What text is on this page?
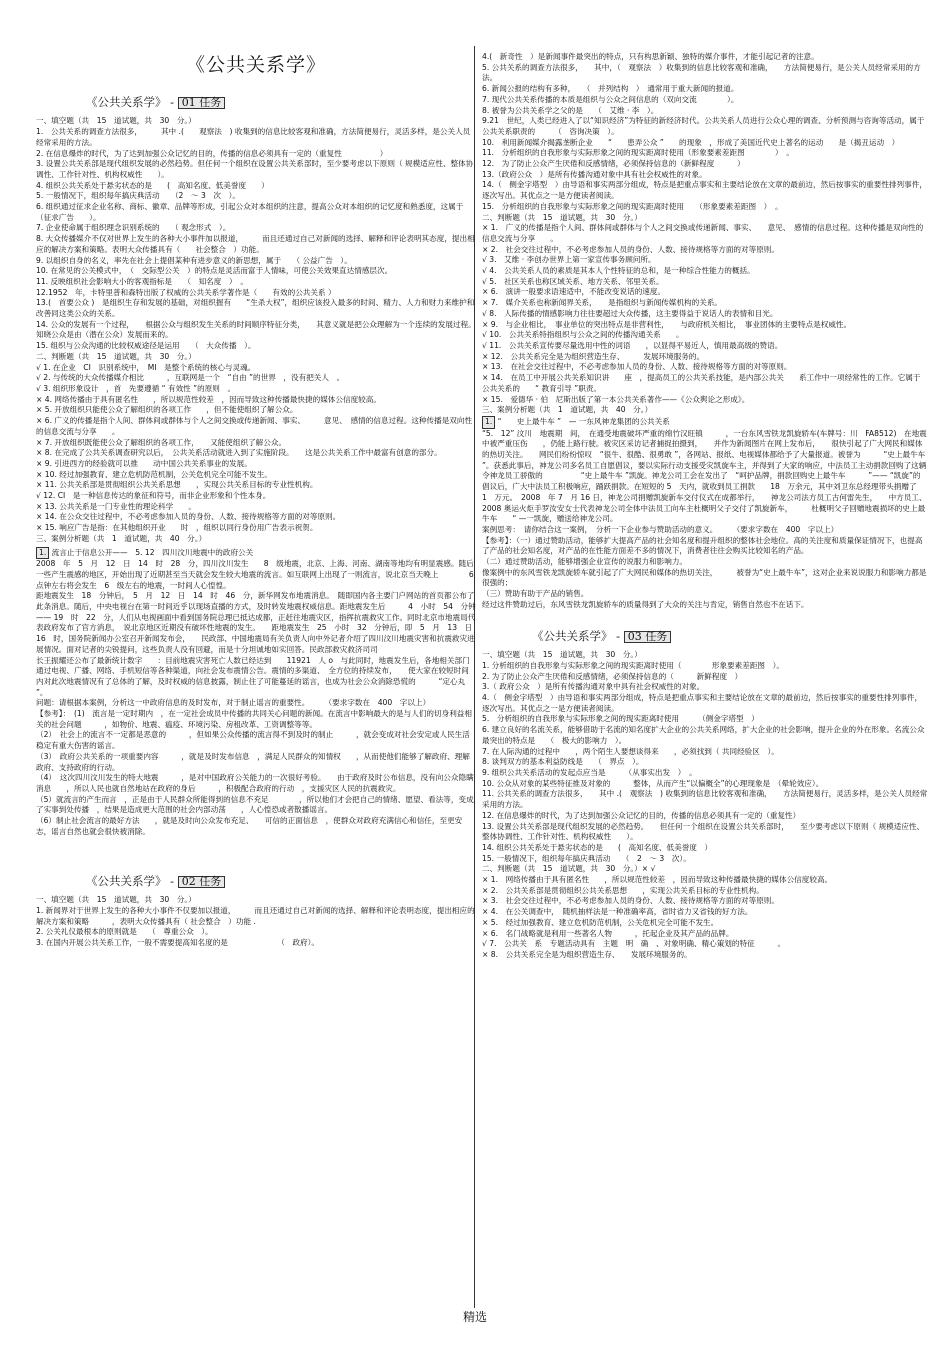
《公共关系学》
《公共关系学》 - 01 任务
一、填空题（共　15　道试题，共　30　分。）
1.　公共关系的调查方法很多，　　　其中 .(　　观察法　) 收集到的信息比较客观和准确，方法简便易行，灵活多样，是公关人员经常采用的方法。
2. 在信息爆炸的时代，为了达到加强公众记忆的目的，传播的信息必须具有一定的（重复性　　　　　）
3. 设置公共关系部是现代组织发展的必然趋势。但任何一个组织在设置公共关系部时，至少要考虑以下原则（ 规模适应性、整体协调性、工作针对性、机构权威性　　）。
4. 组织公共关系处于悬劣状态的是　　(　高知名度、低美誉度　　）
5. 一般情况下，组织每年搞庆典活动　　（2　～ 3　次　）。
6. 组织通过征求企业名称、商标、徽章、品牌等形成，引起公众对本组织的注意，提高公众对本组织的记忆度和熟悉度，这属于（征求广告　　）。
7. 企业使命属于组织理念识别系统的　　（ 观念形式　）。
8. 大众传播媒介不仅对世界上发生的各种大小事件加以报道，　　　而且还通过自己对新闻的选择、解释和评论表明其态度，提出相应的解决方案和策略。表明大众传播具有（　　社会整合　）功能。
9. 以组织自身的名义，率先在社会上提倡某种有进步意义的新思想，属于　　（ 公益广告　）。
10. 在常见的公关模式中，　（　交际型公关　）的特点是灵活而富于人情味，可使公关效果直达情感层次。
11. 反映组织社会影响大小的客观指标是　　（　知名度　）　。
12.1952　年，卡特里普和森特出版了权威的公共关系学著作是（　　有效的公共关系 ）
13.(　首要公众 )　是组织生存和发展的基础，对组织握有　　“生杀大权”，组织应该投入最多的时间、精力、人力和财力来维护和改善同这类公众的关系。
14. 公众的发展有一个过程，　　根据公众与组织发生关系的时间顺序特征分类，　　其意义就是把公众理解为一个连续的发展过程。知晓公众是由（潜在公众）发展而来的。
15. 组织与公众沟通的比较权威途径是运用　　（　大众传播　）。
二、判断题（共　15　道试题，共　30　分。）
√ 1. 在企业　CI　识别系统中，　MI　是整个系统的核心与灵魂。
√ 2. 与传统的大众传播媒介相比　　　，互联网是一个　“自由 ”的世界　，没有把关人　。
√ 3. 组织形象设计　，首　先要遵循 “ 有效性 ”的原则　。
× 4. 网络传播由于具有匿名性　　，所以规范性较差　，因而导致这种传播最快捷的媒体公信度较高。
× 5. 开放组织只能使公众了解组织的各项工作　　，但不能使组织了解公众。
× 6. 广义的传播是指个人间、群体间或群体与个人之间交换或传递新闻、事实、　　　意见、　感情的信息过程。这种传播是双向性的信息交流与分享　　。
× 7. 开放组织既能使公众了解组织的各项工作，　　又能使组织了解公众。
× 8. 在完成了公共关系调查研究以后，　公共关系活动就进入到了实施阶段。　　这是公共关系工作中最富有创意的部分。
× 9. 引进西方的经验就可以推　　动中国公共关系事业的发展。
× 10. 经过加强教育、建立危机防范机制，公关危机完全可能不发生。
× 11. 公共关系部是贯彻组织公共关系思想　　，实现公共关系目标的专业性机构。
√ 12. CI　是一种信息传达的象征和符号，而非企业形象和个性本身。
× 13. 公共关系是一门专业性的理论科学　　。
× 14. 在公众交往过程中，不必考虑参加人员的身份、人数、接待规格等方面的对等原则。
× 15. 响应广告是指：在其他组织开业　　时　，组织以同行身份用广告表示祝贺。
三、案例分析题（共　1　道试题，共　40　分。）
1. 流言止于信息公开——　5. 12　四川汶川地震中的政府公关
2008　年　5　月　12　日　14　时　28　分，四川汶川发生　　8　级地震，北京、上海、河南、湖南等地均有明显震感。随后一些产生震感的地区，开始出现了近期甚至当天就会发生较大地震的流言。如互联网上出现了一则流言，说北京当天晚上　　　　6　点钟左右将会发生　6　级左右的地震，一时间人心惶惶。
距地震发生　18　分钟后，　5　月　12　日　14　时　46　分，新华网发布地震消息。　随即国内各主要门户网站的首页都公布了此条消息。随后，中央电视台在第一时间近乎以现场直播的方式，及时转发地震权威信息。距地震发生后　　　4　小时　54　分钟—— 19　时　22　分，人们从电视画面中看到国务院总理已抵达成都，正赶往地震灾区，指挥抗震救灾工作。同时北京市地震局代表政府发布了官方消息，　说北京地区近期没有破坏性地震的发生。　　距地震发生　25　小时　32　分钟后，即　5　月　13　日　16　时，国务院新闻办公室召开新闻发布会，　　民政部、中国地震局有关负责人向中外记者介绍了四川汶川地震灾害和抗震救灾进展情况。面对记者的尖锐提问，这些负责人没有回避，而是十分坦诚地如实回答。民政部救灾救济司司
长王振耀还公布了最新统计数字　　：目前地震灾害死亡人数已经达到　　11921　人 o　与此同时，地震发生后，各地相关部门通过电视、广播、网络、手机短信等各种渠道，向社会发布震情公告。震情的多渠道、　全方位的持续发布，　　使大家在较短时间内对此次地震情况有了总体的了解，及时权威的信息披露，制止住了可能蔓延的谣言，也成为社会公众消除恐慌的　　　“定心丸 ”。
问题：请根据本案例，分析这一中政府信息的及时发布，对于制止谣言的重要性。　　　（要求字数在　400　字以上）
【参考】：　(1)　流言是一定时期内　，在一定社会成员中传播的共同关心问题的新闻。在流言中影响最大的是与人们的切身利益相关的社会问题　　　，如物价、地震、瘟疫、环境污染、房租改革、工资调整等等。
（2）　社会上的流言不一定都是恶意的　　　，但如果公众传播的流言得不到及时的制止　　　，就会变成对社会安定或人民生活稳定有重大伤害的谣言。
（3）　政府公共关系的一项重要内容　　　，就是及时发布信息　，满足人民群众的知情权　　，从而使他们能够了解政府、理解政府、支持政府的行动。
（4）　这次四川汶川发生的特大地震　　　，是对中国政府公关能力的一次很好考验。　　由于政府及时公布信息，没有向公众隐瞒消息　　，所以人民也就自然地站在政府的身后　　　，积极配合政府的行动　，支援灾区人民的抗震救灾。
（5）就流言的产生而言　，正是由于人民群众所能得到的信息不充足　　　　，所以他们才会把自己的情绪、愿望、看法等，变成了实事到处传播　，结果是造成更大范围的社会内部动荡　　，人心惶恐或者散播谣言。
（6）制止社会流言的最好方法　　，就是及时向公众发布充足、　　可信的正面信息　，使群众对政府充满信心和信任，至更安志，谣言自然也就会很快被消除。
《公共关系学》 - 02 任务
一、填空题（共　15　道试题，共　30　分。）
1. 新闻界对于世界上发生的各种大小事件不仅要加以报道，　　　而且还通过自己对新闻的选择、解释和评论表明态度，提出相应的解决方案和策略　　　，表明大众传播具有（ 社会整合　）功能 .
2. 公关礼仪最根本的原则就是　　（　尊重公众　）。
3. 在国内开展公共关系工作，一般不需要提高知名度的是　　　　　　　（　政府）。
4.(　新奇性　）是新闻事件最突出的特点，只有构思新颖、独特的媒介事件，才能引起记者的注意。
5. 公共关系的调查方法很多，　　其中，（　观察法　）收集到的信息比较客观和准确，　　方法简便易行，是公关人员经常采用的方法。
6. 新闻公报的结构有多种，　　（　并列结构　）　通常用于重大新闻的报道。
7. 现代公共关系传播的本质是组织与公众之间信息的（双向交流　　　　）。
8. 被誉为公共关系学之父的是　　（　艾维 · 李　）。
9.21　世纪，人类已经进入了以“知识经济”为特征的新经济时代。公共关系人员进行公众心理的调查、分析预测与咨询等活动，属于公共关系职责的　　　（　咨询决策　）。
10.　利用新闻媒介揭露垄断企业　　“　　患弄公众 ”　　的现象　，形成了美国近代史上著名的运动　　是（揭丑运动　）
11.　分析组织的自我形象与实际形象之间的现实距离时使用（形象要素差距图　　　　）　。
12.　为了防止公众产生厌倦和反感情绪，必须保持信息的（新鲜程度　　　）
13.（政府公众　）是所有传播沟通对象中具有社会权威性的对象。
14.（　侧金字塔型　）由导语和事实两部分组成，特点是把重点事实和主要结论放在文章的最前边，然后按事实的重要性排列事件，逐次写出。其优点之一是方便读者阅读。
15.　分析组织的自我形象与实际形象之间的现实距离时使用　　（形象要素差距图　）　。
二、判断题（共　15　道试题，共　30　分。）
× 1.　广义的传播是指个人间、群体间或群体与个人之间交换或传递新闻、事实、　　意见、　感情的信息过程。这种传播是双向性的信息交流与分享　　。
× 2.　社会交往过程中，不必考虑参加人员的身份、人数、接待规格等方面的对等原则。
√ 3.　艾维 · 李创办世界上第一家宣传事务顾问所。
√ 4.　公共关系人员的素质是其本人个性特征的总和，是一种综合性能力的概括。
√ 5.　社区关系也称区域关系、地方关系、邻里关系。
× 6.　演讲一般要求语速适中，不能改变说话的速度。
× 7.　媒介关系也称新闻界关系，　　是指组织与新闻传媒机构的关系。
√ 8.　人际传播的情感影响力往往要超过大众传播，这主要得益于说话人的表情和目光。
× 9.　与企业相比，　事业单位的突出特点是非营利性，　　与政府机关相比，　事业团体的主要特点是权威性。
√ 10.　公共关系特指组织与公众之间的传播沟通关系　　。
√ 11.　公共关系宣传要尽量选用中性的词语　　，以显得平易近人，慎用最高级的赞语。
× 12.　公共关系完全是为组织营造生存、　　　发展环境服务的。
× 13.　在社会交往过程中，不必考虑参加人员的身份、人数、接待规格等方面的对等原则。
× 14.　在员工中开展公共关系知识讲　　座　，提高员工的公共关系技能，是内部公共关　　系工作中一项经常性的工作。它属于公共关系的　　“ 教育引导 ”职责。
× 15.　爱德华 · 伯　尼斯出版了第一本公共关系著作——《公众舆论之形成》。
三、案例分析题（共　1　道试题，共　40　分。）
1. “　　史上最牛车 ”　— 一东风神龙集团的公共关系
“5.　12” 汶川　地震期　间，　在通受地震破坏严重的绵竹汉旺镇　　　，一台东风雪铁龙凯旋轿车(车牌号：川　FA8512)　在地震中被严重压伤　　，仍能上路行驶。被灾区采访记者捕捉拍摄到，　　并作为新闻图片在网上发布后，　　很快引起了广大网民和媒体的热切关注。　　网民们纷纷惊叹　“很牛、很酷、很勇敢 ”，各网站、报纸、电视媒体都给予了大量报道。被誉为　　　“史上最牛车 ”。获悉此事后，神龙公司多名员工自愿倡议，要以实际行动支援受灾凯旋车主，并得到了大家的响应，中法员工主动捐款回购了这辆令神龙员工骄傲的　　　　　“史上最牛车 ”凯旋。神龙公司工会在发出了　“呵护品牌，捐款回购史上最牛车　　　”—— “凯旋”的倡议后，广大中法员工积极响应，踊跃捐款。在短短的 5　天内，就收到员工捐款　　18　万余元，其中刘卫东总经理带头捐赠了　　　1　万元。　2008　年 7　月 16 日，神龙公司捐赠凯旋新车交付仪式在成都举行，　　神龙公司法方员工古何雷先生，　　中方员工、2008 奥运火炬手罗汝安女士代表神龙公司全体中法员工向车主杜概明父子交付了凯旋新车，　　　杜概明父子回赠地震损坏的史上最牛车　　“ —一凯旋，赠送给神龙公司。
案例思考：　请你结合这一案例，　分析一下企业参与赞助活动的意义。　　　（要求字数在　400　字以上）
【参考】：（一）通过赞助活动，能够扩大提高产品的社会知名度和提升组织的整体社会地位。高的关注度和质量保证情况下，也提高了产品的社会知名度，对产品的在性能方面差不多的情况下，消费者往往会购买比较知名的产品。
（二）通过赞助活动，能够增强企业宣传的说服力和影响力。
像案例中的东风雪铁龙凯旋轿车就引起了广大网民和媒体的热切关注，　　　被誉为“史上最牛车”，这对企业来说说服力和影响力都是很强的；
（三）赞助有助于产品的销售。
经过这件赞助过后，东风雪铁龙凯旋轿车的质量得到了大众的关注与肯定，销售自然也不在话下。
《公共关系学》 - 03 任务
一、填空题（共　15　道试题，共　30　分。）
1. 分析组织的自我形象与实际形象之间的现实距离时使用（　　　　形象要素差距图　）。
2. 为了防止公众产生厌倦和反感情绪，必须保持信息的（　　　新鲜程度　）
3.（ 政府公众　）是所有传播沟通对象中具有社会权威性的对象。
4.（　侧金字塔型　）由导语和事实两部分组成，特点是把重点事实和主要结论放在文章的最前边，然后按事实的重要性排列事件，逐次写出。其优点之一是方便读者阅读。
5.　分析组织的自我形象与实际形象之间的现实距离时使用　　　（侧金字塔型　）
6. 建立良好的名流关系，能够借助于名流的知名度扩大企业的公共关系网络，扩大企业的社会影响，提升企业的外在形象。名流公众最突出的特点是　　（　极大的影响力　）。
7. 在人际沟通的过程中　　，两个陌生人要想谈得来　　，必须找到（ 共同经验区　）。
8. 谈判双方的基本利益防线是　　（　界点　）。
9. 组织公共关系活动的发起点应当是　　　（从事实出发　）　。
10. 公众从对象的某些特征推及对象的　　　整体，从而产生“以偏概全”的心理现象是　（晕轮效应）。
11. 公共关系的调查方法很多，　　其中 .(　观察法　) 收集到的信息比较客观和准确，　　方法简便易行，灵活多样，是公关人员经常采用的方法。
12. 在信息爆炸的时代，为了达到加强公众记忆的目的，传播的信息必须具有一定的（重复性）
13. 设置公共关系部是现代组织发展的必然趋势。　　但任何一个组织在设置公共关系部时，　　至少要考虑以下原则（ 规模适应性、整体协调性、工作针对性、机构权威性　　）。
14. 组织公共关系处于悬劣状态的是　　(　高知名度、低美誉度　）
15. 一般情况下，组织每年搞庆典活动　　（　2　～ 3　次）。
二、判断题（共　15　道试题，共　30　分。）× √
× 1.　网络传播由于具有匿名性　　，所以规范性较差　，因而导致这种传播最快捷的媒体公信度较高。
× 2.　公共关系部是贯彻组织公共关系思想　　，实现公共关系目标的专业性机构。
× 3.　社会交往过程中，不必考虑参加人员的身份、人数、接待规格等方面的对等原则。
× 4.　在公关调查中，　随机抽样法是一种准确率高，省时省力又省钱的好方法。
× 5.　经过加强教育、建立危机防范机制，公关危机完全可能不发生。
× 6.　名门战略就是利用一些著名人物　　　，托起企业及其产品的品牌。
√ 7.　公共关　系　专题活动具有　主题　明　确　、对象明确、精心策划的特征　　　。
× 8.　公共关系完全是为组织营造生存、　　发展环境服务的。
精选
